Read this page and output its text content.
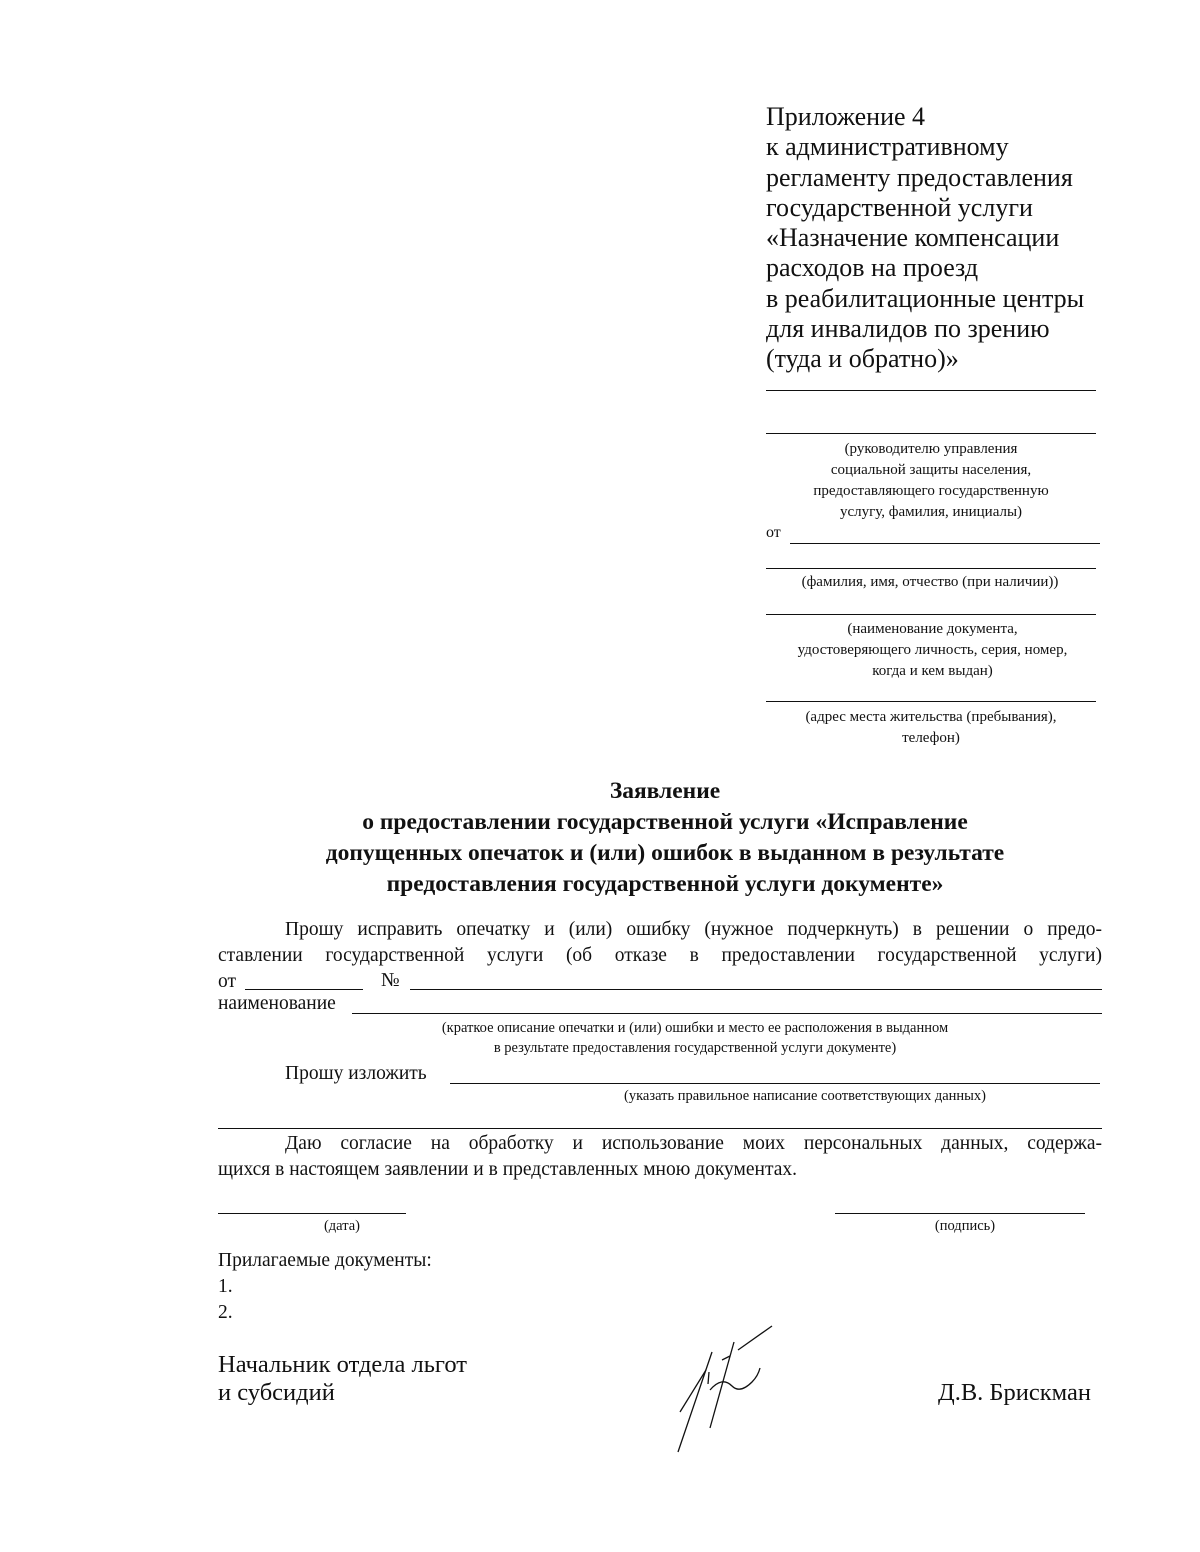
Приложение 4
к административному
регламенту предоставления
государственной услуги
«Назначение компенсации
расходов на проезд
в реабилитационные центры
для инвалидов по зрению
(туда и обратно)»
(руководителю управления
социальной защиты населения,
предоставляющего государственную
услугу, фамилия, инициалы)
от
(фамилия, имя, отчество (при наличии))
(наименование документа,
удостоверяющего личность, серия, номер,
когда и кем выдан)
(адрес места жительства (пребывания),
телефон)
Заявление
о предоставлении государственной услуги «Исправление
допущенных опечаток и (или) ошибок в выданном в результате
предоставления государственной услуги документе»
Прошу исправить опечатку и (или) ошибку (нужное подчеркнуть) в решении о предо-
ставлении государственной услуги (об отказе в предоставлении государственной услуги)
от	№
наименование
(краткое описание опечатки и (или) ошибки и место ее расположения в выданном
в результате предоставления государственной услуги документе)
Прошу изложить
(указать правильное написание соответствующих данных)
Даю согласие на обработку и использование моих персональных данных, содержа-
щихся в настоящем заявлении и в представленных мною документах.
(дата)	(подпись)
Прилагаемые документы:
1.
2.
Начальник отдела льгот
и субсидий	Д.В. Брискман
